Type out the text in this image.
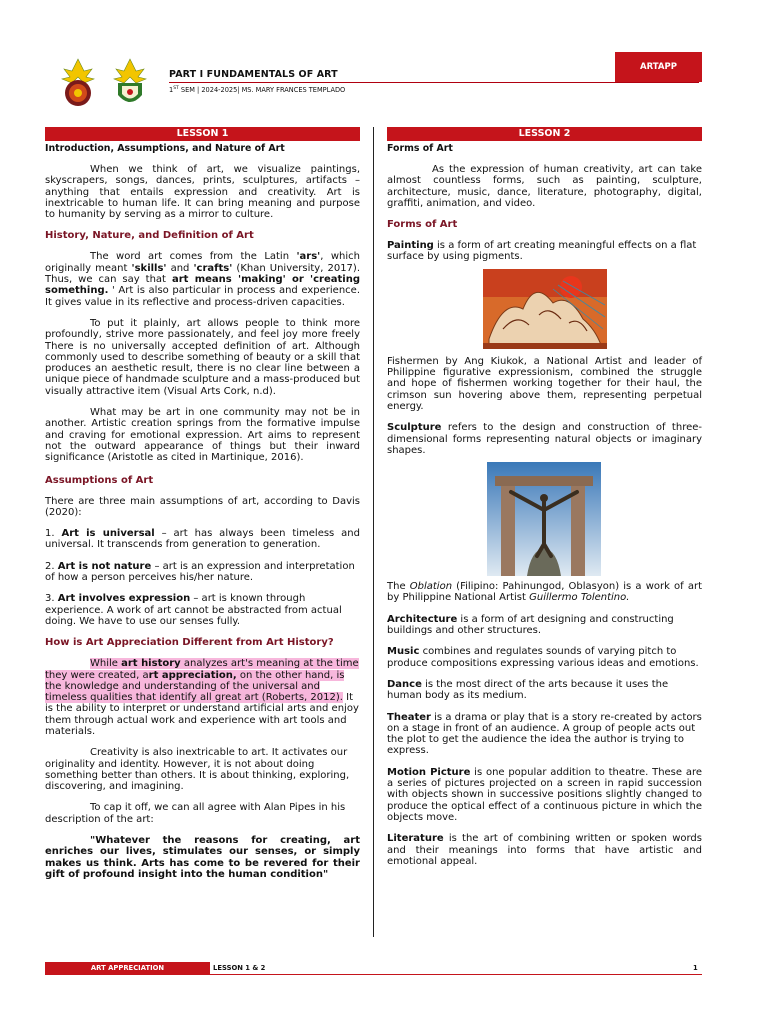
PART I FUNDAMENTALS OF ART
1ST SEM | 2024-2025| MS. MARY FRANCES TEMPLADO
ARTAPP
LESSON 1
Introduction, Assumptions, and Nature of Art

When we think of art, we visualize paintings, skyscrapers, songs, dances, prints, sculptures, artifacts – anything that entails expression and creativity. Art is inextricable to human life. It can bring meaning and purpose to humanity by serving as a mirror to culture.

History, Nature, and Definition of Art

The word art comes from the Latin 'ars', which originally meant 'skills' and 'crafts' (Khan University, 2017). Thus, we can say that art means 'making' or 'creating something. ' Art is also particular in process and experience. It gives value in its reflective and process-driven capacities.

To put it plainly, art allows people to think more profoundly, strive more passionately, and feel joy more freely There is no universally accepted definition of art. Although commonly used to describe something of beauty or a skill that produces an aesthetic result, there is no clear line between a unique piece of handmade sculpture and a mass-produced but visually attractive item (Visual Arts Cork, n.d).

What may be art in one community may not be in another. Artistic creation springs from the formative impulse and craving for emotional expression. Art aims to represent not the outward appearance of things but their inward significance (Aristotle as cited in Martinique, 2016).

Assumptions of Art

There are three main assumptions of art, according to Davis (2020):

1. Art is universal – art has always been timeless and universal. It transcends from generation to generation.

2. Art is not nature – art is an expression and interpretation of how a person perceives his/her nature.

3. Art involves expression – art is known through experience. A work of art cannot be abstracted from actual doing. We have to use our senses fully.

How is Art Appreciation Different from Art History?

While art history analyzes art's meaning at the time they were created, art appreciation, on the other hand, is the knowledge and understanding of the universal and timeless qualities that identify all great art (Roberts, 2012). It is the ability to interpret or understand artificial arts and enjoy them through actual work and experience with art tools and materials.

Creativity is also inextricable to art. It activates our originality and identity. However, it is not about doing something better than others. It is about thinking, exploring, discovering, and imagining.

To cap it off, we can all agree with Alan Pipes in his description of the art:

"Whatever the reasons for creating, art enriches our lives, stimulates our senses, or simply makes us think. Arts has come to be revered for their gift of profound insight into the human condition"

LESSON 2
Forms of Art

As the expression of human creativity, art can take almost countless forms, such as painting, sculpture, architecture, music, dance, literature, photography, digital, graffiti, animation, and video.

Forms of Art

Painting is a form of art creating meaningful effects on a flat surface by using pigments.

Fishermen by Ang Kiukok, a National Artist and leader of Philippine figurative expressionism, combined the struggle and hope of fishermen working together for their haul, the crimson sun hovering above them, representing perpetual energy.

Sculpture refers to the design and construction of three-dimensional forms representing natural objects or imaginary shapes.

The Oblation (Filipino: Pahinungod, Oblasyon) is a work of art by Philippine National Artist Guillermo Tolentino.

Architecture is a form of art designing and constructing buildings and other structures.

Music combines and regulates sounds of varying pitch to produce compositions expressing various ideas and emotions.

Dance is the most direct of the arts because it uses the human body as its medium.

Theater is a drama or play that is a story re-created by actors on a stage in front of an audience. A group of people acts out the plot to get the audience the idea the author is trying to express.

Motion Picture is one popular addition to theatre. These are a series of pictures projected on a screen in rapid succession with objects shown in successive positions slightly changed to produce the optical effect of a continuous picture in which the objects move.

Literature is the art of combining written or spoken words and their meanings into forms that have artistic and emotional appeal.

ART APPRECIATION	LESSON 1 & 2	1
